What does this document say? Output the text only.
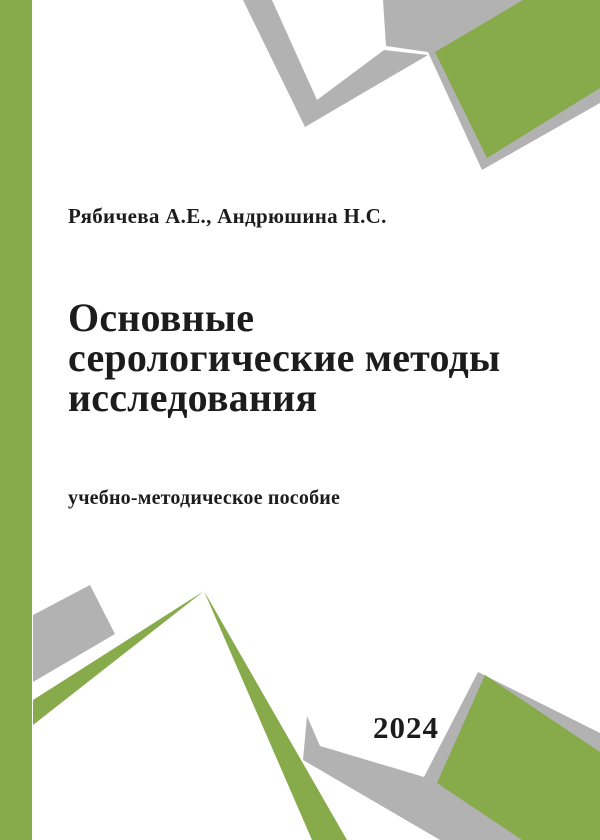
Рябичева А.Е., Андрюшина Н.С.
Основные
серологические методы
исследования
учебно-методическое пособие
2024
